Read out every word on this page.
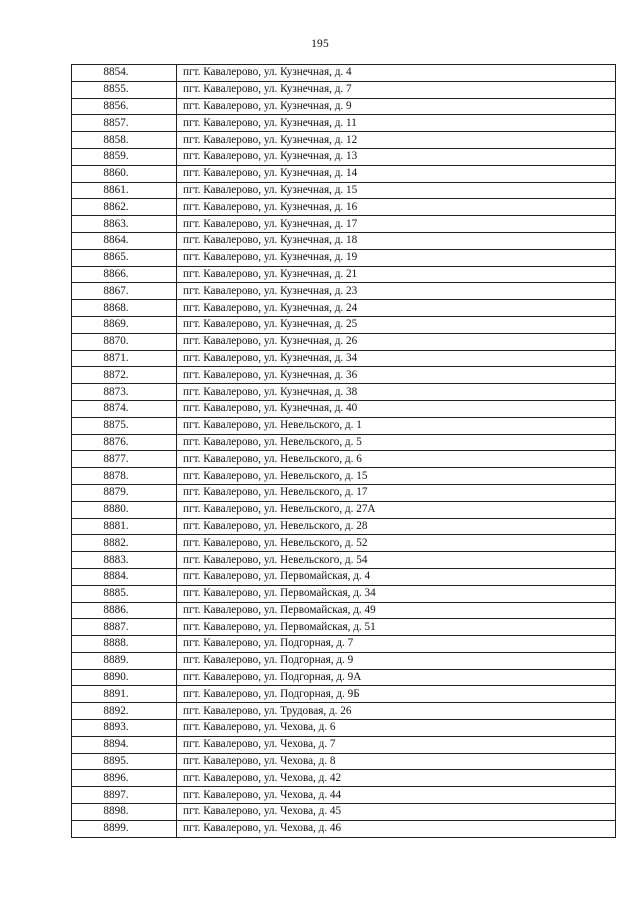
195
8854.	пгт. Кавалерово, ул. Кузнечная, д. 4
8855.	пгт. Кавалерово, ул. Кузнечная, д. 7
8856.	пгт. Кавалерово, ул. Кузнечная, д. 9
8857.	пгт. Кавалерово, ул. Кузнечная, д. 11
8858.	пгт. Кавалерово, ул. Кузнечная, д. 12
8859.	пгт. Кавалерово, ул. Кузнечная, д. 13
8860.	пгт. Кавалерово, ул. Кузнечная, д. 14
8861.	пгт. Кавалерово, ул. Кузнечная, д. 15
8862.	пгт. Кавалерово, ул. Кузнечная, д. 16
8863.	пгт. Кавалерово, ул. Кузнечная, д. 17
8864.	пгт. Кавалерово, ул. Кузнечная, д. 18
8865.	пгт. Кавалерово, ул. Кузнечная, д. 19
8866.	пгт. Кавалерово, ул. Кузнечная, д. 21
8867.	пгт. Кавалерово, ул. Кузнечная, д. 23
8868.	пгт. Кавалерово, ул. Кузнечная, д. 24
8869.	пгт. Кавалерово, ул. Кузнечная, д. 25
8870.	пгт. Кавалерово, ул. Кузнечная, д. 26
8871.	пгт. Кавалерово, ул. Кузнечная, д. 34
8872.	пгт. Кавалерово, ул. Кузнечная, д. 36
8873.	пгт. Кавалерово, ул. Кузнечная, д. 38
8874.	пгт. Кавалерово, ул. Кузнечная, д. 40
8875.	пгт. Кавалерово, ул. Невельского, д. 1
8876.	пгт. Кавалерово, ул. Невельского, д. 5
8877.	пгт. Кавалерово, ул. Невельского, д. 6
8878.	пгт. Кавалерово, ул. Невельского, д. 15
8879.	пгт. Кавалерово, ул. Невельского, д. 17
8880.	пгт. Кавалерово, ул. Невельского, д. 27А
8881.	пгт. Кавалерово, ул. Невельского, д. 28
8882.	пгт. Кавалерово, ул. Невельского, д. 52
8883.	пгт. Кавалерово, ул. Невельского, д. 54
8884.	пгт. Кавалерово, ул. Первомайская, д. 4
8885.	пгт. Кавалерово, ул. Первомайская, д. 34
8886.	пгт. Кавалерово, ул. Первомайская, д. 49
8887.	пгт. Кавалерово, ул. Первомайская, д. 51
8888.	пгт. Кавалерово, ул. Подгорная, д. 7
8889.	пгт. Кавалерово, ул. Подгорная, д. 9
8890.	пгт. Кавалерово, ул. Подгорная, д. 9А
8891.	пгт. Кавалерово, ул. Подгорная, д. 9Б
8892.	пгт. Кавалерово, ул. Трудовая, д. 26
8893.	пгт. Кавалерово, ул. Чехова, д. 6
8894.	пгт. Кавалерово, ул. Чехова, д. 7
8895.	пгт. Кавалерово, ул. Чехова, д. 8
8896.	пгт. Кавалерово, ул. Чехова, д. 42
8897.	пгт. Кавалерово, ул. Чехова, д. 44
8898.	пгт. Кавалерово, ул. Чехова, д. 45
8899.	пгт. Кавалерово, ул. Чехова, д. 46
